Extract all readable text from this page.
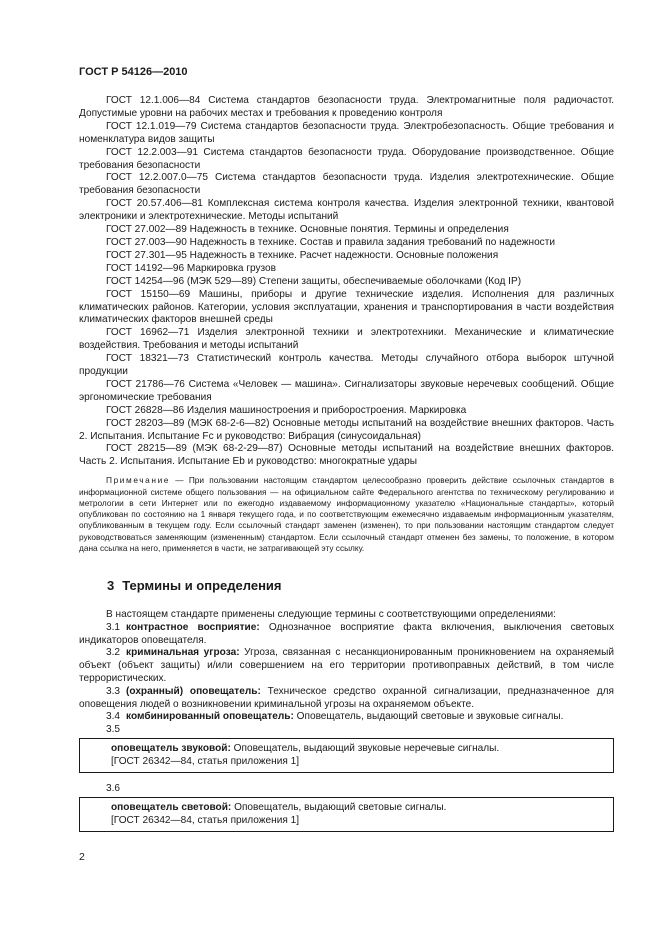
ГОСТ Р 54126—2010

ГОСТ 12.1.006—84 Система стандартов безопасности труда. Электромагнитные поля радиочастот. Допустимые уровни на рабочих местах и требования к проведению контроля

ГОСТ 12.1.019—79 Система стандартов безопасности труда. Электробезопасность. Общие требования и номенклатура видов защиты

ГОСТ 12.2.003—91 Система стандартов безопасности труда. Оборудование производственное. Общие требования безопасности

ГОСТ 12.2.007.0—75 Система стандартов безопасности труда. Изделия электротехнические. Общие требования безопасности

ГОСТ 20.57.406—81 Комплексная система контроля качества. Изделия электронной техники, квантовой электроники и электротехнические. Методы испытаний

ГОСТ 27.002—89 Надежность в технике. Основные понятия. Термины и определения

ГОСТ 27.003—90 Надежность в технике. Состав и правила задания требований по надежности

ГОСТ 27.301—95 Надежность в технике. Расчет надежности. Основные положения

ГОСТ 14192—96 Маркировка грузов

ГОСТ 14254—96 (МЭК 529—89) Степени защиты, обеспечиваемые оболочками (Код IP)

ГОСТ 15150—69 Машины, приборы и другие технические изделия. Исполнения для различных климатических районов. Категории, условия эксплуатации, хранения и транспортирования в части воздействия климатических факторов внешней среды

ГОСТ 16962—71 Изделия электронной техники и электротехники. Механические и климатические воздействия. Требования и методы испытаний

ГОСТ 18321—73 Статистический контроль качества. Методы случайного отбора выборок штучной продукции

ГОСТ 21786—76 Система «Человек — машина». Сигнализаторы звуковые неречевых сообщений. Общие эргономические требования

ГОСТ 26828—86 Изделия машиностроения и приборостроения. Маркировка

ГОСТ 28203—89 (МЭК 68-2-6—82) Основные методы испытаний на воздействие внешних факторов. Часть 2. Испытания. Испытание Fc и руководство: Вибрация (синусоидальная)

ГОСТ 28215—89 (МЭК 68-2-29—87) Основные методы испытаний на воздействие внешних факторов. Часть 2. Испытания. Испытание Eb и руководство: многократные удары

Примечание — При пользовании настоящим стандартом целесообразно проверить действие ссылочных стандартов в информационной системе общего пользования — на официальном сайте Федерального агентства по техническому регулированию и метрологии в сети Интернет или по ежегодно издаваемому информационному указателю «Национальные стандарты», который опубликован по состоянию на 1 января текущего года, и по соответствующим ежемесячно издаваемым информационным указателям, опубликованным в текущем году. Если ссылочный стандарт заменен (изменен), то при пользовании настоящим стандартом следует руководствоваться заменяющим (измененным) стандартом. Если ссылочный стандарт отменен без замены, то положение, в котором дана ссылка на него, применяется в части, не затрагивающей эту ссылку.

3 Термины и определения

В настоящем стандарте применены следующие термины с соответствующими определениями:

3.1 контрастное восприятие: Однозначное восприятие факта включения, выключения световых индикаторов оповещателя.

3.2 криминальная угроза: Угроза, связанная с несанкционированным проникновением на охраняемый объект (объект защиты) и/или совершением на его территории противоправных действий, в том числе террористических.

3.3 (охранный) оповещатель: Техническое средство охранной сигнализации, предназначенное для оповещения людей о возникновении криминальной угрозы на охраняемом объекте.

3.4 комбинированный оповещатель: Оповещатель, выдающий световые и звуковые сигналы.

3.5

оповещатель звуковой: Оповещатель, выдающий звуковые неречевые сигналы.
[ГОСТ 26342—84, статья приложения 1]

3.6

оповещатель световой: Оповещатель, выдающий световые сигналы.
[ГОСТ 26342—84, статья приложения 1]
2
